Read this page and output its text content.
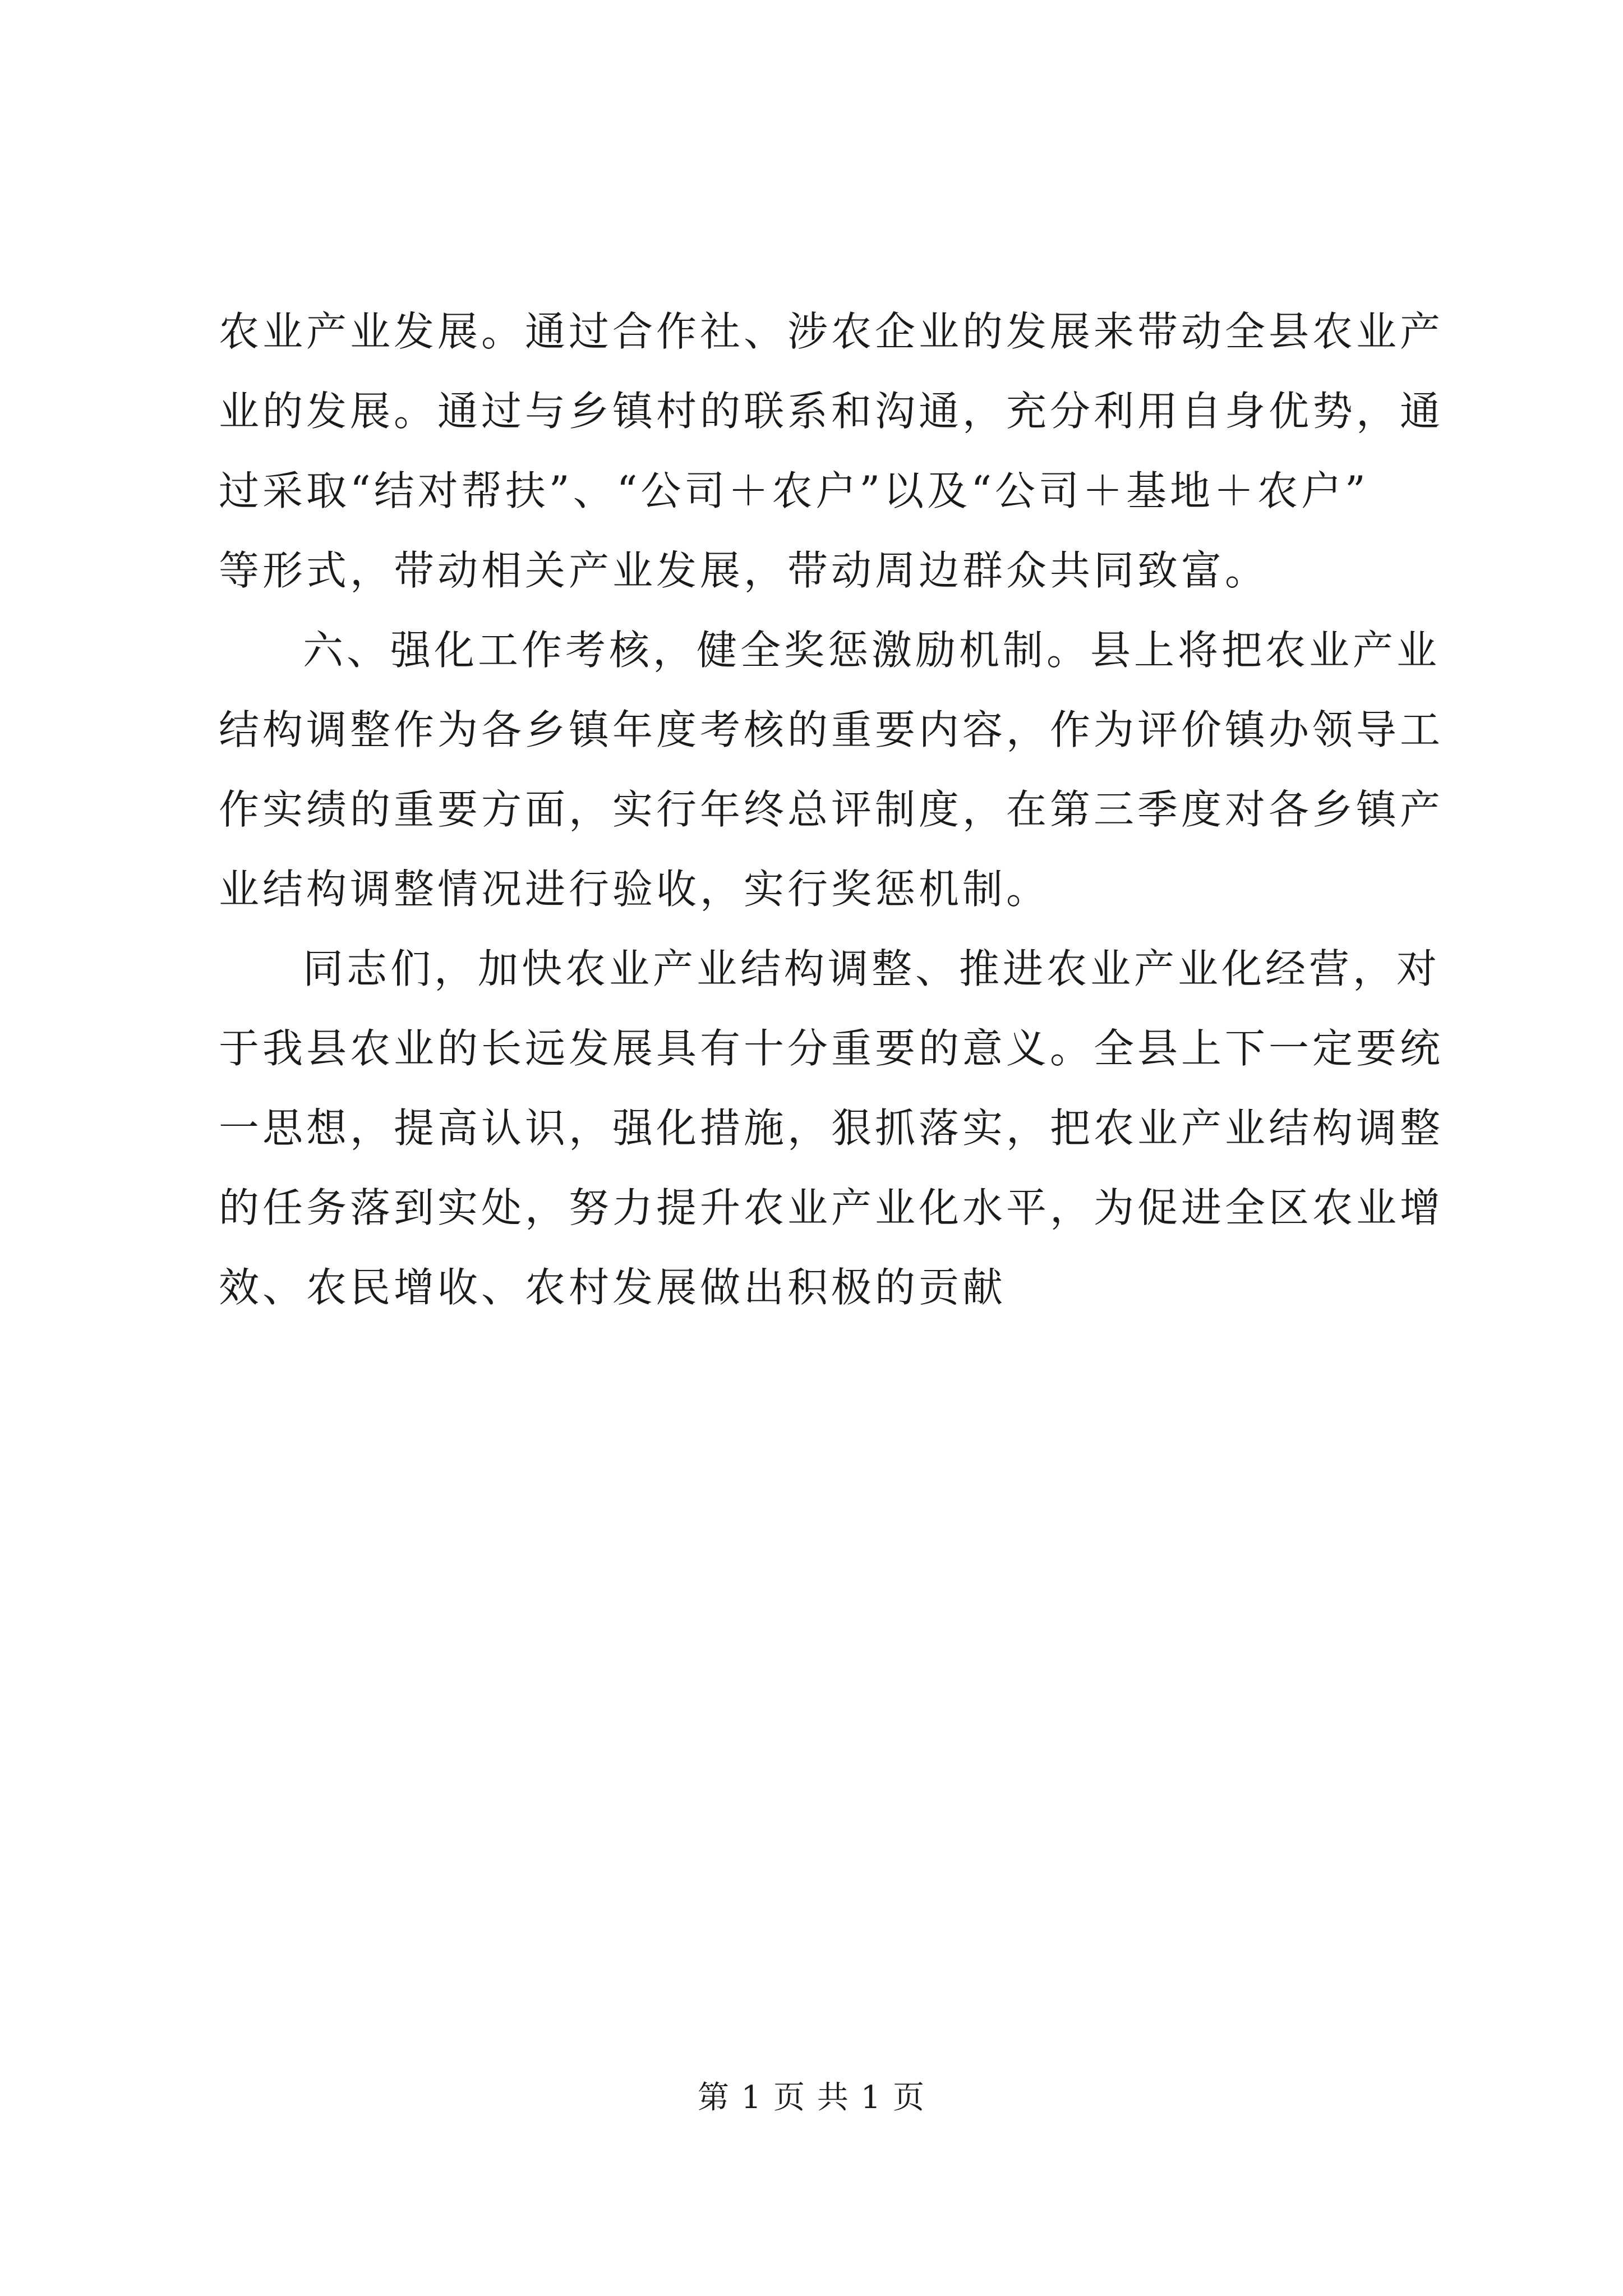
农业产业发展。通过合作社、涉农企业的发展来带动全县农业产
业的发展。通过与乡镇村的联系和沟通，充分利用自身优势，通
过采取“结对帮扶”、“公司＋农户”以及“公司＋基地＋农户”
等形式，带动相关产业发展，带动周边群众共同致富。
六、强化工作考核，健全奖惩激励机制。县上将把农业产业
结构调整作为各乡镇年度考核的重要内容，作为评价镇办领导工
作实绩的重要方面，实行年终总评制度，在第三季度对各乡镇产
业结构调整情况进行验收，实行奖惩机制。
同志们，加快农业产业结构调整、推进农业产业化经营，对
于我县农业的长远发展具有十分重要的意义。全县上下一定要统
一思想，提高认识，强化措施，狠抓落实，把农业产业结构调整
的任务落到实处，努力提升农业产业化水平，为促进全区农业增
效、农民增收、农村发展做出积极的贡献
第 1 页 共 1 页
